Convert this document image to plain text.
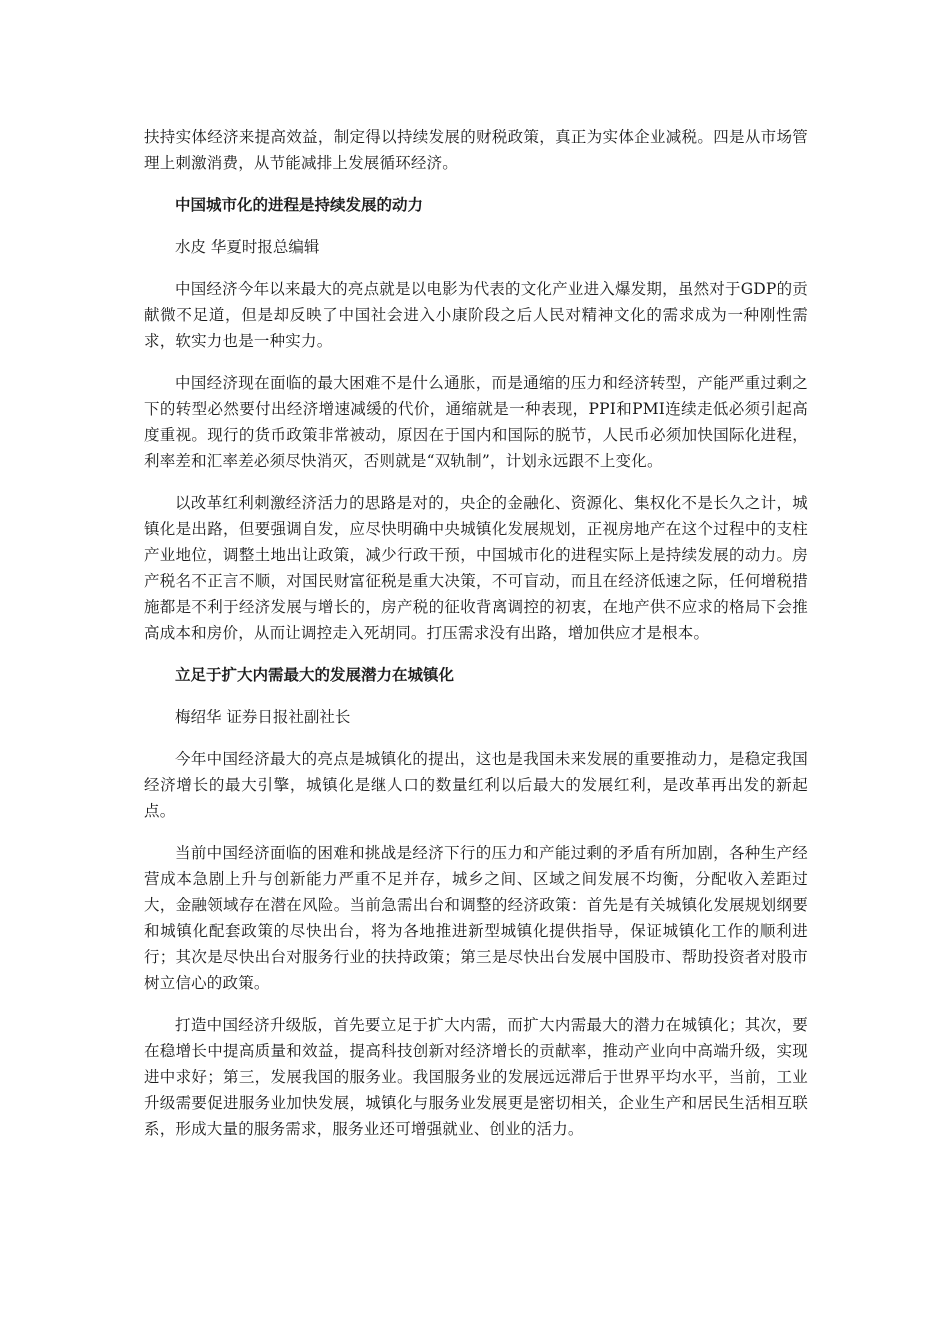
扶持实体经济来提高效益，制定得以持续发展的财税政策，真正为实体企业减税。四是从市场管理上刺激消费，从节能减排上发展循环经济。

中国城市化的进程是持续发展的动力

水皮 华夏时报总编辑

中国经济今年以来最大的亮点就是以电影为代表的文化产业进入爆发期，虽然对于GDP的贡献微不足道，但是却反映了中国社会进入小康阶段之后人民对精神文化的需求成为一种刚性需求，软实力也是一种实力。

中国经济现在面临的最大困难不是什么通胀，而是通缩的压力和经济转型，产能严重过剩之下的转型必然要付出经济增速减缓的代价，通缩就是一种表现，PPI和PMI连续走低必须引起高度重视。现行的货币政策非常被动，原因在于国内和国际的脱节，人民币必须加快国际化进程，利率差和汇率差必须尽快消灭，否则就是“双轨制”，计划永远跟不上变化。

以改革红利刺激经济活力的思路是对的，央企的金融化、资源化、集权化不是长久之计，城镇化是出路，但要强调自发，应尽快明确中央城镇化发展规划，正视房地产在这个过程中的支柱产业地位，调整土地出让政策，减少行政干预，中国城市化的进程实际上是持续发展的动力。房产税名不正言不顺，对国民财富征税是重大决策，不可盲动，而且在经济低速之际，任何增税措施都是不利于经济发展与增长的，房产税的征收背离调控的初衷，在地产供不应求的格局下会推高成本和房价，从而让调控走入死胡同。打压需求没有出路，增加供应才是根本。

立足于扩大内需最大的发展潜力在城镇化

梅绍华 证券日报社副社长

今年中国经济最大的亮点是城镇化的提出，这也是我国未来发展的重要推动力，是稳定我国经济增长的最大引擎，城镇化是继人口的数量红利以后最大的发展红利，是改革再出发的新起点。

当前中国经济面临的困难和挑战是经济下行的压力和产能过剩的矛盾有所加剧，各种生产经营成本急剧上升与创新能力严重不足并存，城乡之间、区域之间发展不均衡，分配收入差距过大，金融领域存在潜在风险。当前急需出台和调整的经济政策：首先是有关城镇化发展规划纲要和城镇化配套政策的尽快出台，将为各地推进新型城镇化提供指导，保证城镇化工作的顺利进行；其次是尽快出台对服务行业的扶持政策；第三是尽快出台发展中国股市、帮助投资者对股市树立信心的政策。

打造中国经济升级版，首先要立足于扩大内需，而扩大内需最大的潜力在城镇化；其次，要在稳增长中提高质量和效益，提高科技创新对经济增长的贡献率，推动产业向中高端升级，实现进中求好；第三，发展我国的服务业。我国服务业的发展远远滞后于世界平均水平，当前，工业升级需要促进服务业加快发展，城镇化与服务业发展更是密切相关，企业生产和居民生活相互联系，形成大量的服务需求，服务业还可增强就业、创业的活力。
